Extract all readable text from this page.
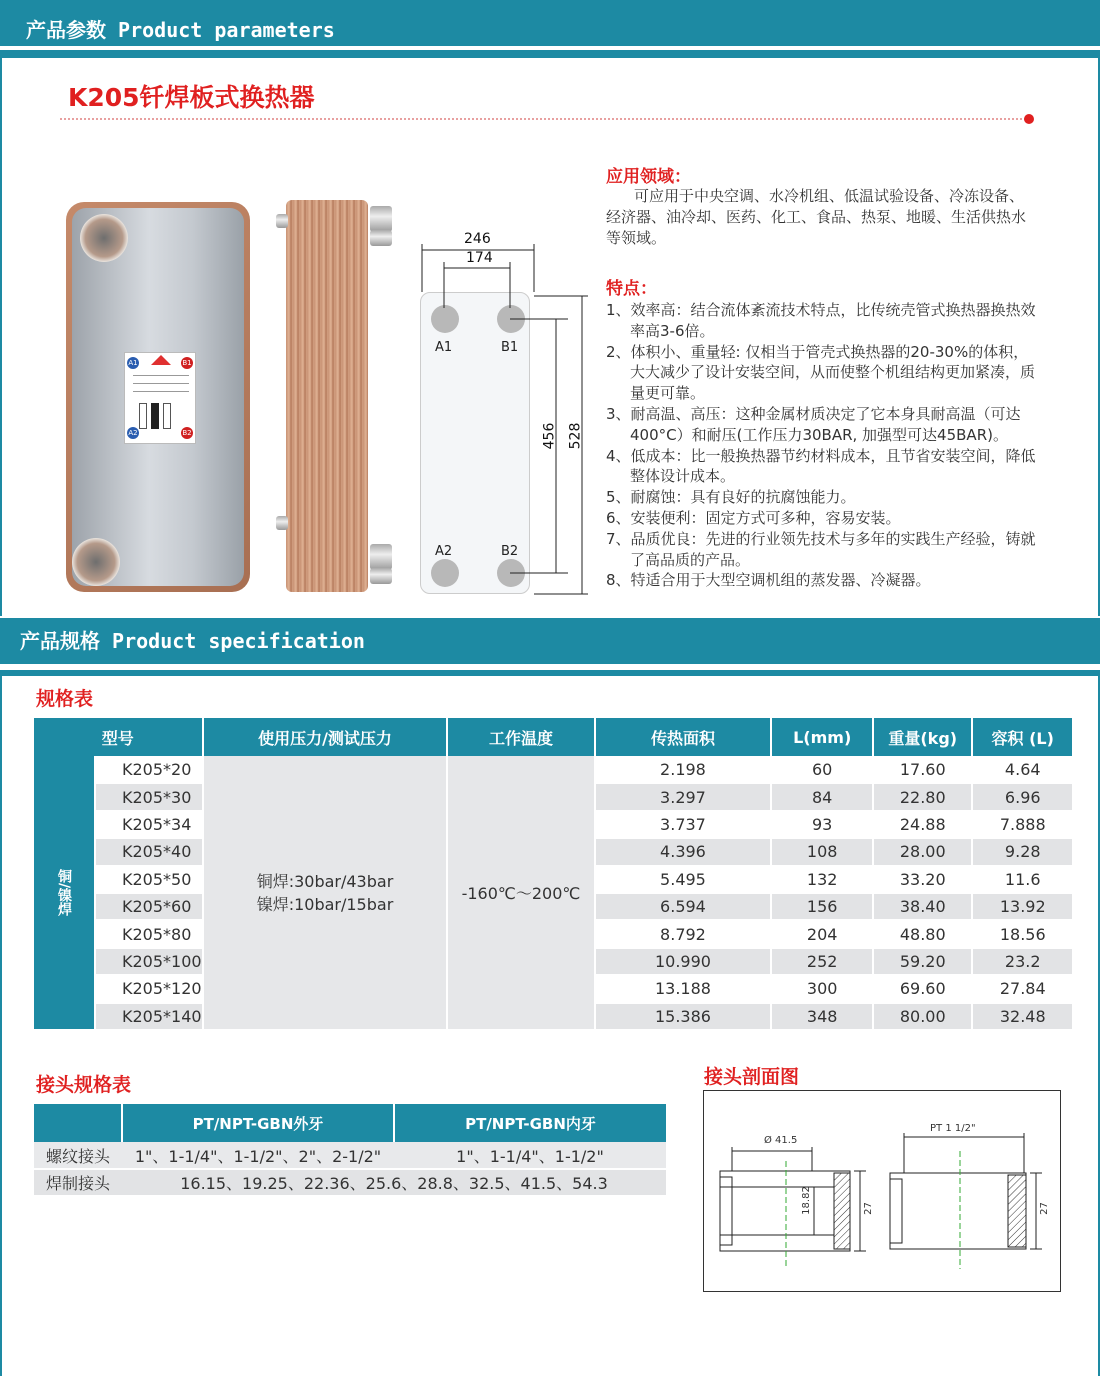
产品参数 Product parameters
K205钎焊板式换热器
A1	B1
A2	B2
A1	B1
A2	B2
246
174
456 528
应用领域：
可应用于中央空调、水冷机组、低温试验设备、冷冻设备、经济器、油冷却、医药、化工、食品、热泵、地暖、生活供热水等领域。
特点：
1、效率高：结合流体紊流技术特点，比传统壳管式换热器换热效率高3-6倍。
2、体积小、重量轻: 仅相当于管壳式换热器的20-30%的体积，大大减少了设计安装空间，从而使整个机组结构更加紧凑，质量更可靠。
3、耐高温、高压：这种金属材质决定了它本身具耐高温（可达400°C）和耐压(工作压力30BAR, 加强型可达45BAR)。
4、低成本：比一般换热器节约材料成本，且节省安装空间，降低整体设计成本。
5、耐腐蚀：具有良好的抗腐蚀能力。
6、安装便利：固定方式可多种，容易安装。
7、品质优良：先进的行业领先技术与多年的实践生产经验，铸就了高品质的产品。
8、特适合用于大型空调机组的蒸发器、冷凝器。
产品规格 Product specification
规格表
型号		使用压力/测试压力	工作温度	传热面积	L(mm)	重量(kg)	容积 (L)
铜/镍焊	K205*20	铜焊:30bar/43bar
镍焊:10bar/15bar	-160℃～200℃	2.198	60	17.60	4.64
	K205*30			3.297	84	22.80	6.96
	K205*34			3.737	93	24.88	7.888
	K205*40			4.396	108	28.00	9.28
	K205*50			5.495	132	33.20	11.6
	K205*60			6.594	156	38.40	13.92
	K205*80			8.792	204	48.80	18.56
	K205*100			10.990	252	59.20	23.2
	K205*120			13.188	300	69.60	27.84
	K205*140			15.386	348	80.00	32.48
接头规格表
	PT/NPT-GBN外牙	PT/NPT-GBN内牙
螺纹接头	1"、1-1/4"、1-1/2"、2"、2-1/2"	1"、1-1/4"、1-1/2"
焊制接头	16.15、19.25、22.36、25.6、28.8、32.5、41.5、54.3	
接头剖面图
Ø 41.5
18.82	27
PT 1 1/2"
27
